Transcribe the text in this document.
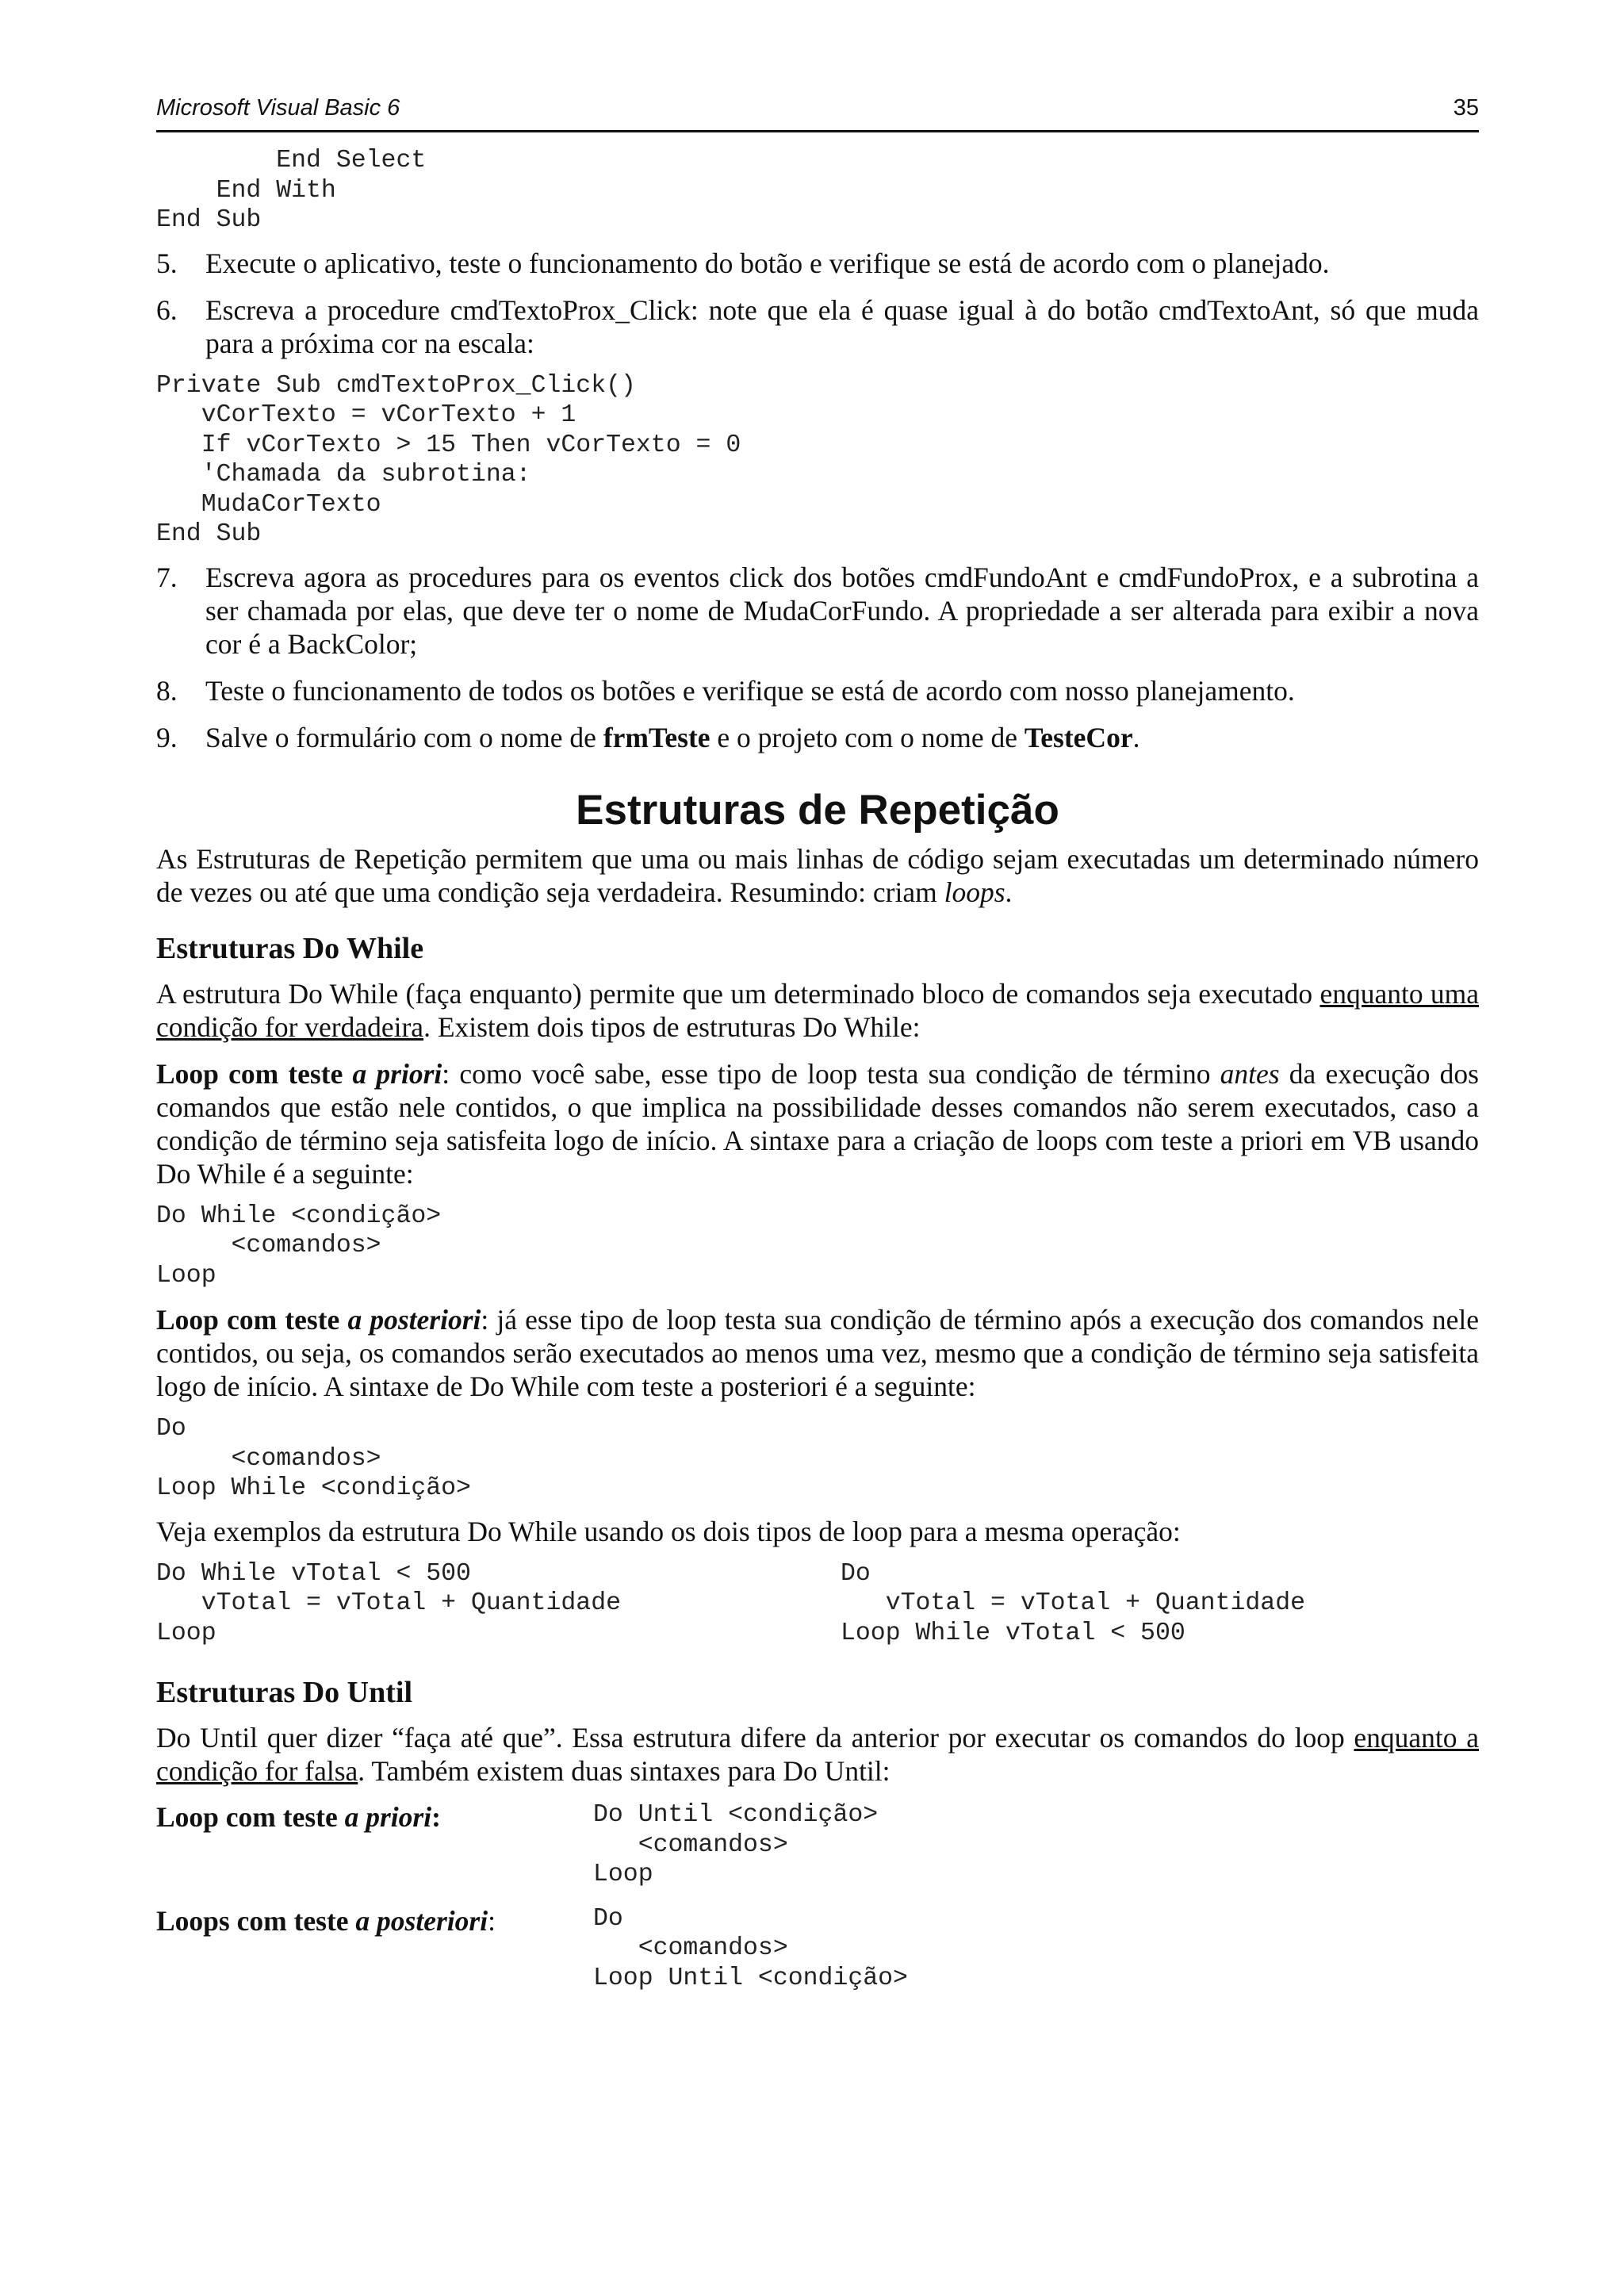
Microsoft Visual Basic 6	35
End Select
End With
End Sub
5. Execute o aplicativo, teste o funcionamento do botão e verifique se está de acordo com o planejado.
6. Escreva a procedure cmdTextoProx_Click: note que ela é quase igual à do botão cmdTextoAnt, só que muda para a próxima cor na escala:
Private Sub cmdTextoProx_Click()
vCorTexto = vCorTexto + 1
If vCorTexto > 15 Then vCorTexto = 0
'Chamada da subrotina:
MudaCorTexto
End Sub
7. Escreva agora as procedures para os eventos click dos botões cmdFundoAnt e cmdFundoProx, e a subrotina a ser chamada por elas, que deve ter o nome de MudaCorFundo. A propriedade a ser alterada para exibir a nova cor é a BackColor;
8. Teste o funcionamento de todos os botões e verifique se está de acordo com nosso planejamento.
9. Salve o formulário com o nome de frmTeste e o projeto com o nome de TesteCor.
Estruturas de Repetição

As Estruturas de Repetição permitem que uma ou mais linhas de código sejam executadas um determinado número de vezes ou até que uma condição seja verdadeira. Resumindo: criam loops.

Estruturas Do While

A estrutura Do While (faça enquanto) permite que um determinado bloco de comandos seja executado enquanto uma condição for verdadeira. Existem dois tipos de estruturas Do While:

Loop com teste a priori: como você sabe, esse tipo de loop testa sua condição de término antes da execução dos comandos que estão nele contidos, o que implica na possibilidade desses comandos não serem executados, caso a condição de término seja satisfeita logo de início. A sintaxe para a criação de loops com teste a priori em VB usando Do While é a seguinte:

Do While <condição>
<comandos>
Loop

Loop com teste a posteriori: já esse tipo de loop testa sua condição de término após a execução dos comandos nele contidos, ou seja, os comandos serão executados ao menos uma vez, mesmo que a condição de término seja satisfeita logo de início. A sintaxe de Do While com teste a posteriori é a seguinte:

Do
<comandos>
Loop While <condição>

Veja exemplos da estrutura Do While usando os dois tipos de loop para a mesma operação:

Do While vTotal < 500
vTotal = vTotal + Quantidade
Loop
Do
vTotal = vTotal + Quantidade
Loop While vTotal < 500
Estruturas Do Until

Do Until quer dizer “faça até que”. Essa estrutura difere da anterior por executar os comandos do loop enquanto a condição for falsa. Também existem duas sintaxes para Do Until:

Loop com teste a priori:	Do Until <condição>
<comandos>
Loop
Loops com teste a posteriori:	Do
<comandos>
Loop Until <condição>
